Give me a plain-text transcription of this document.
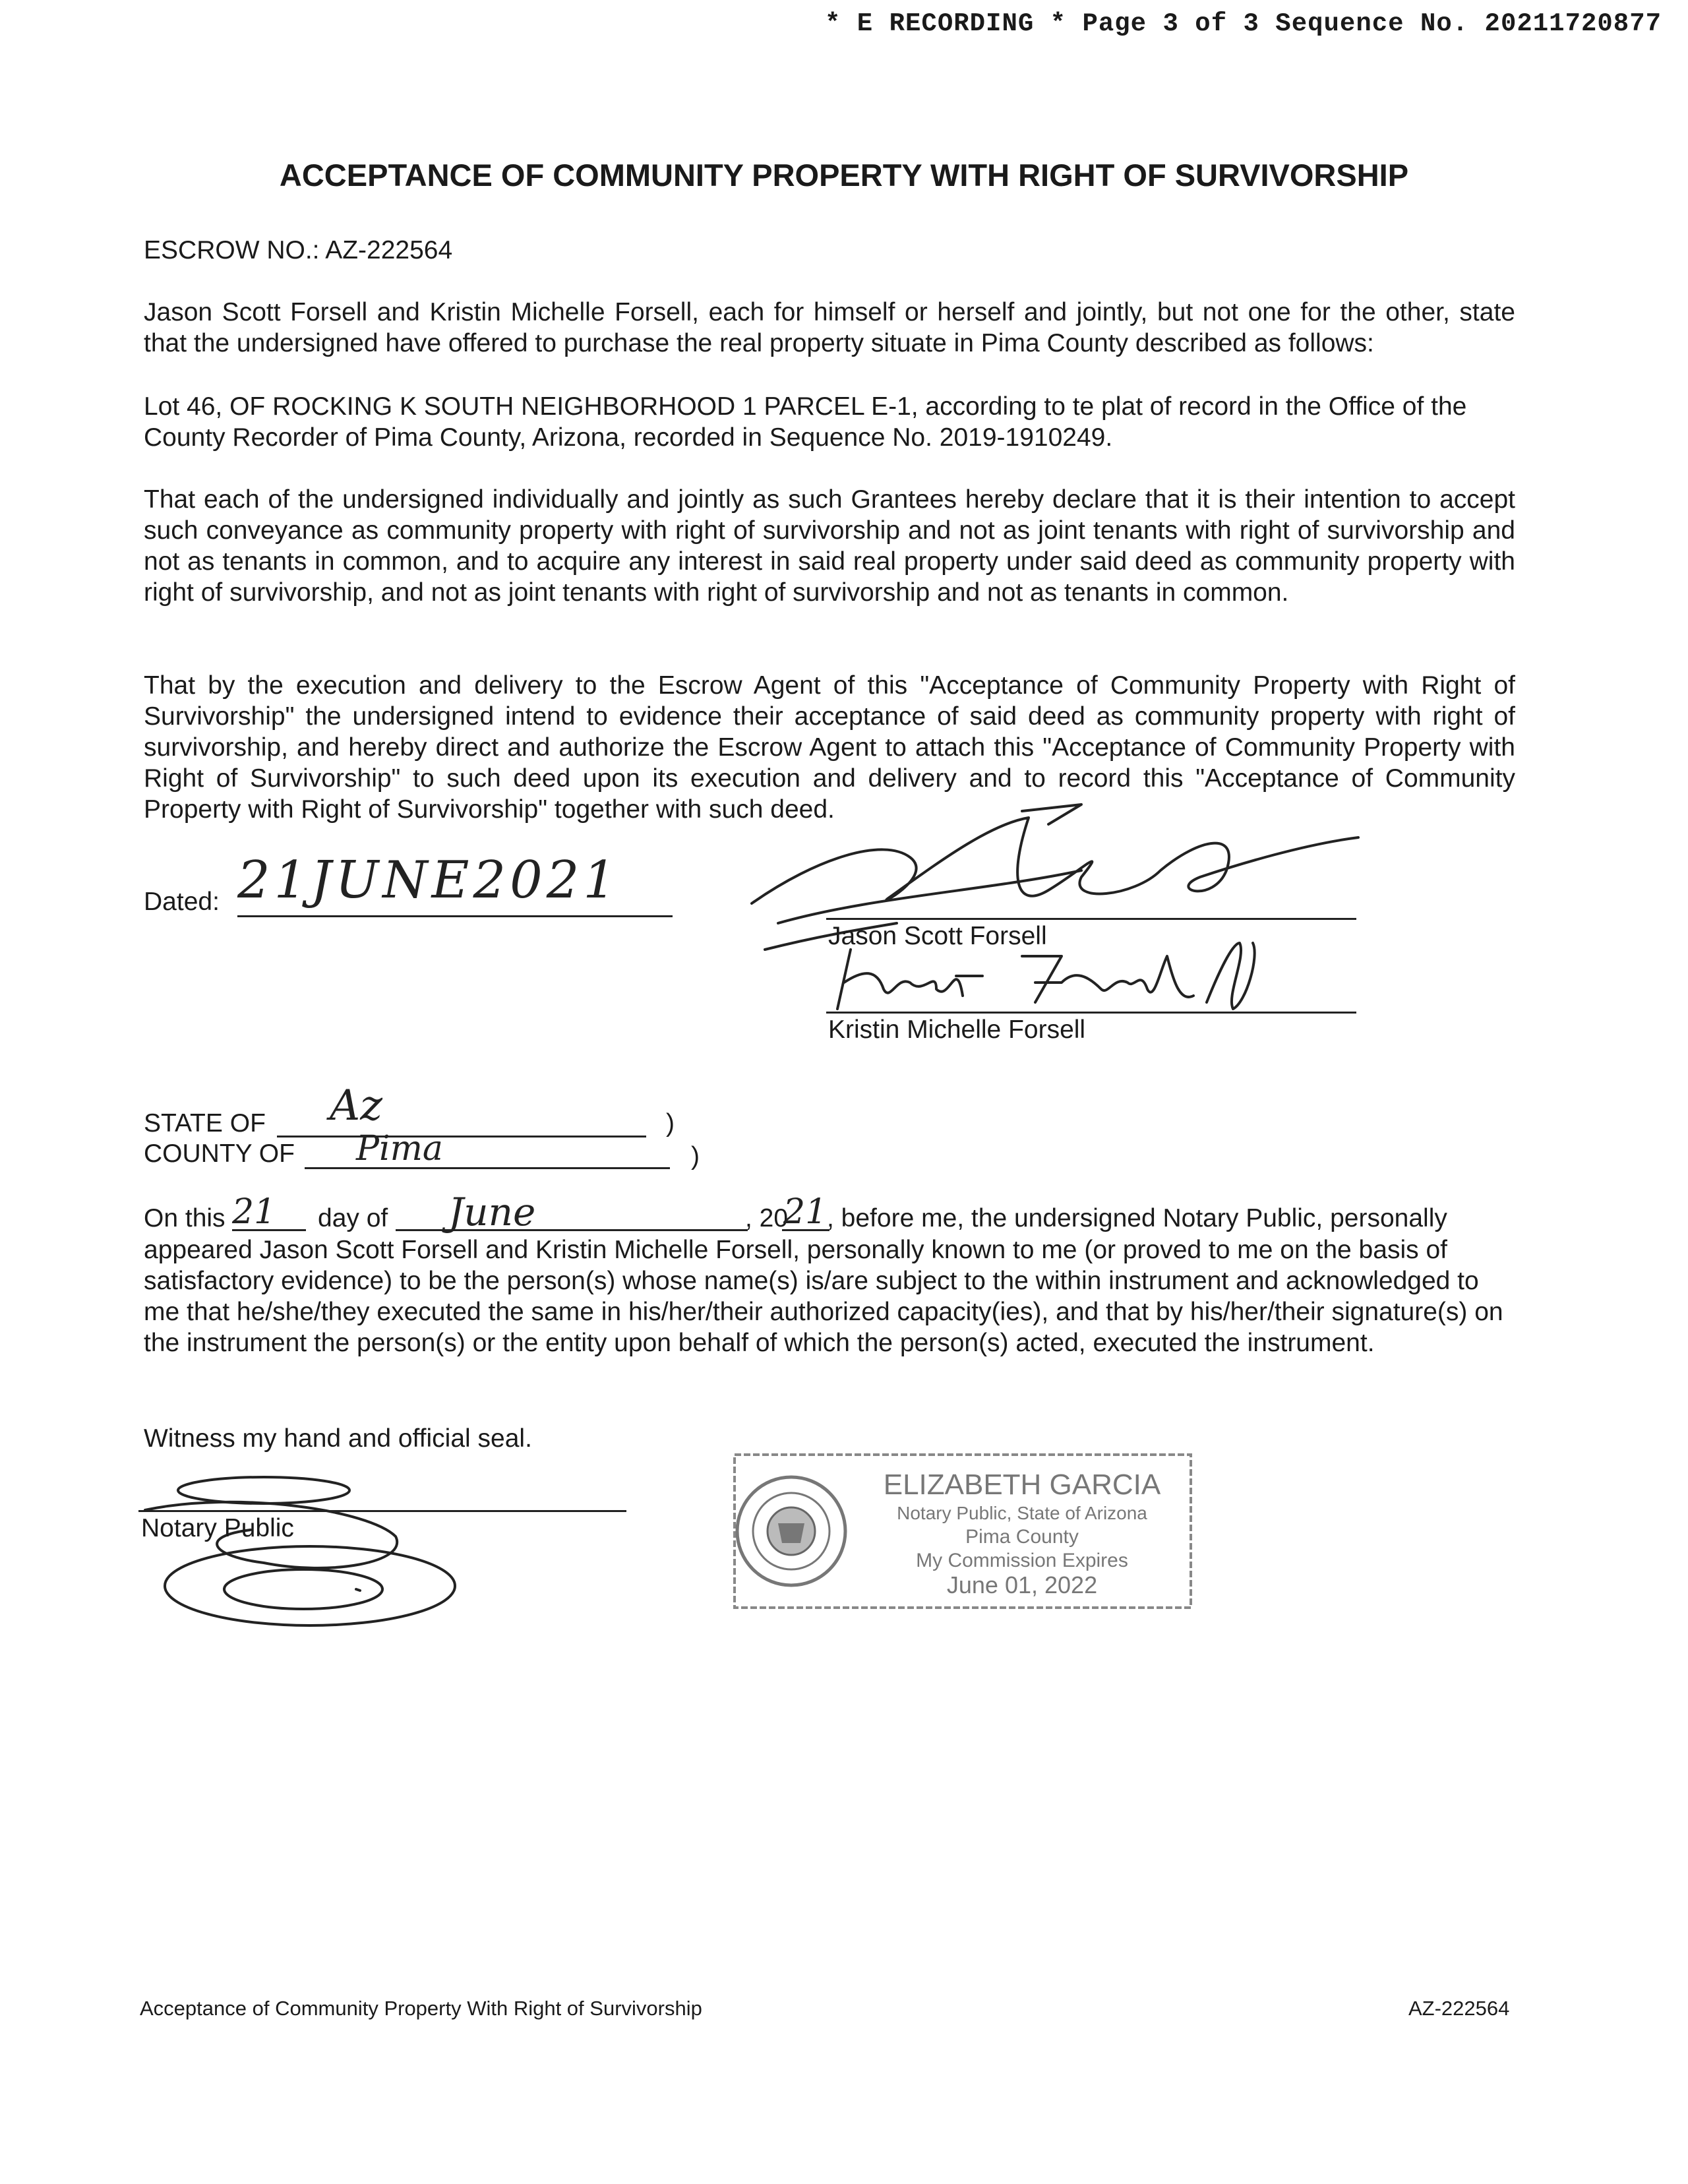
* E RECORDING * Page 3 of 3 Sequence No. 20211720877
ACCEPTANCE OF COMMUNITY PROPERTY WITH RIGHT OF SURVIVORSHIP
ESCROW NO.: AZ-222564
Jason Scott Forsell and Kristin Michelle Forsell, each for himself or herself and jointly, but not one for the other, state that the undersigned have offered to purchase the real property situate in Pima County described as follows:
Lot 46, OF ROCKING K SOUTH NEIGHBORHOOD 1 PARCEL E-1, according to te plat of record in the Office of the County Recorder of Pima County, Arizona, recorded in Sequence No. 2019-1910249.
That each of the undersigned individually and jointly as such Grantees hereby declare that it is their intention to accept such conveyance as community property with right of survivorship and not as joint tenants with right of survivorship and not as tenants in common, and to acquire any interest in said real property under said deed as community property with right of survivorship, and not as joint tenants with right of survivorship and not as tenants in common.
That by the execution and delivery to the Escrow Agent of this "Acceptance of Community Property with Right of Survivorship" the undersigned intend to evidence their acceptance of said deed as community property with right of survivorship, and hereby direct and authorize the Escrow Agent to attach this "Acceptance of Community Property with Right of Survivorship" to such deed upon its execution and delivery and to record this "Acceptance of Community Property with Right of Survivorship" together with such deed.
Dated: 21JUNE2021
Jason Scott Forsell
Kristin Michelle Forsell
STATE OF Az	)
COUNTY OF Pima	)
On this 21 day of June	, 20
21 , before me, the undersigned Notary Public, personally
appeared Jason Scott Forsell and Kristin Michelle Forsell, personally known to me (or proved to me on the basis of satisfactory evidence) to be the person(s) whose name(s) is/are subject to the within instrument and acknowledged to me that he/she/they executed the same in his/her/their authorized capacity(ies), and that by his/her/their signature(s) on the instrument the person(s) or the entity upon behalf of which the person(s) acted, executed the instrument.
Witness my hand and official seal.
Notary Public
ELIZABETH GARCIA
Notary Public, State of Arizona
Pima County
My Commission Expires
June 01, 2022
Acceptance of Community Property With Right of Survivorship	AZ-222564
